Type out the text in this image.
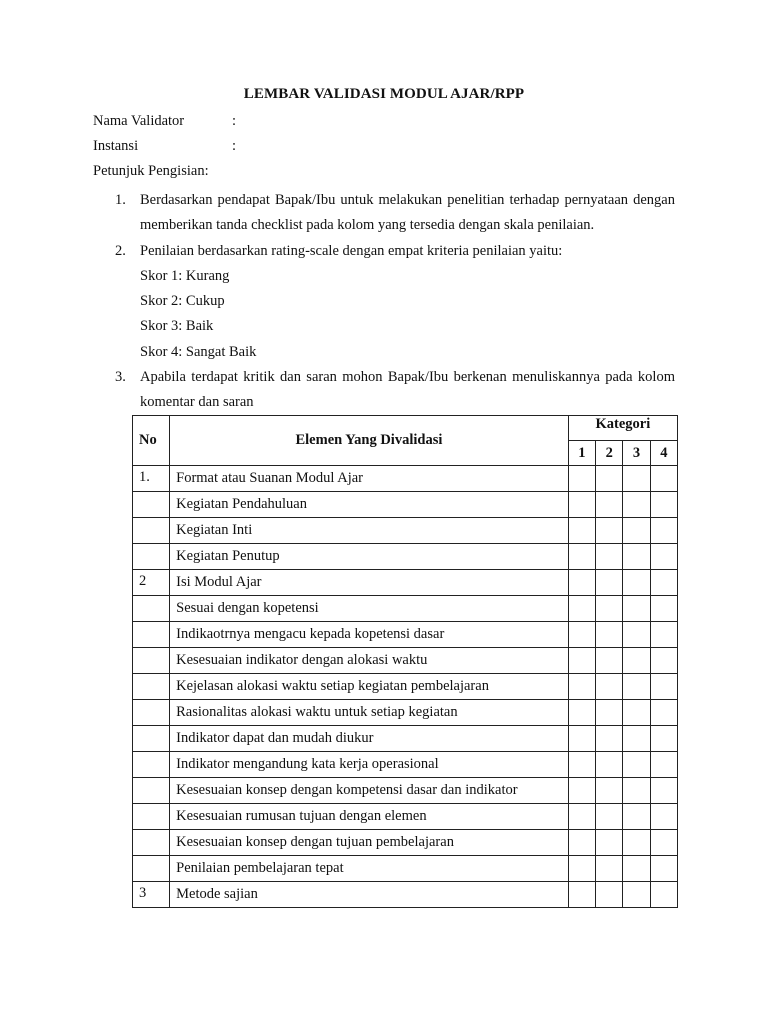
LEMBAR VALIDASI MODUL AJAR/RPP
Nama Validator	:
Instansi	:
Petunjuk Pengisian:
1. Berdasarkan pendapat Bapak/Ibu untuk melakukan penelitian terhadap pernyataan dengan memberikan tanda checklist pada kolom yang tersedia dengan skala penilaian.
2. Penilaian berdasarkan rating-scale dengan empat kriteria penilaian yaitu:
Skor 1: Kurang
Skor 2: Cukup
Skor 3: Baik
Skor 4: Sangat Baik
3. Apabila terdapat kritik dan saran mohon Bapak/Ibu berkenan menuliskannya pada kolom komentar dan saran
No	Elemen Yang Divalidasi	Kategori			
		1	2	3	4
1.	Format atau Suanan Modul Ajar				
	Kegiatan Pendahuluan				
	Kegiatan Inti				
	Kegiatan Penutup				
2	Isi Modul Ajar				
	Sesuai dengan kopetensi				
	Indikaotrnya mengacu kepada kopetensi dasar				
	Kesesuaian indikator dengan alokasi waktu				
	Kejelasan alokasi waktu setiap kegiatan pembelajaran				
	Rasionalitas alokasi waktu untuk setiap kegiatan				
	Indikator dapat dan mudah diukur				
	Indikator mengandung kata kerja operasional				
	Kesesuaian konsep dengan kompetensi dasar dan indikator				
	Kesesuaian rumusan tujuan dengan elemen				
	Kesesuaian konsep dengan tujuan pembelajaran				
	Penilaian pembelajaran tepat				
3	Metode sajian				
